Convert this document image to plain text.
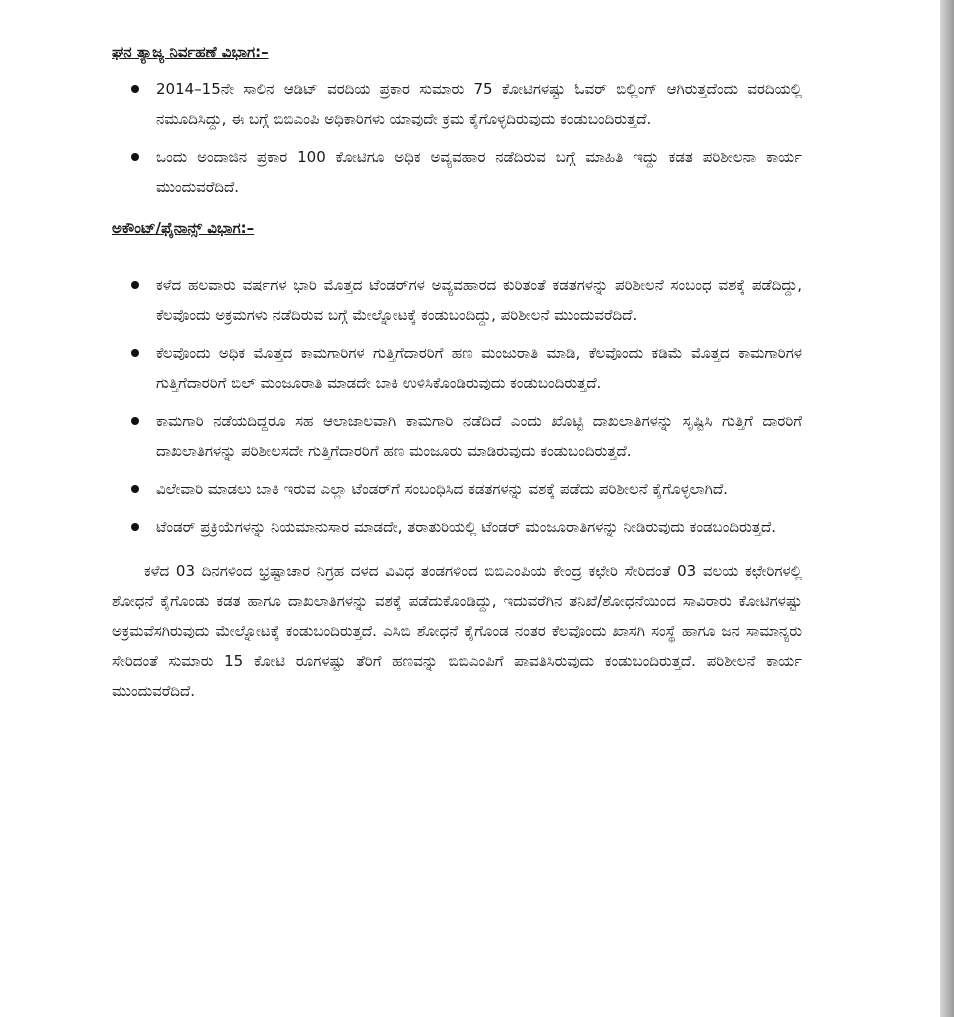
ಘನ ತ್ಯಾಜ್ಯ ನಿರ್ವಹಣೆ ವಿಭಾಗ:–
2014–15ನೇ ಸಾಲಿನ ಆಡಿಟ್ ವರದಿಯ ಪ್ರಕಾರ ಸುಮಾರು 75 ಕೋಟಿಗಳಷ್ಟು ಓವರ್ ಬಿಲ್ಲಿಂಗ್ ಆಗಿರುತ್ತದೆಂದು ವರದಿಯಲ್ಲಿ ನಮೂದಿಸಿದ್ದು, ಈ ಬಗ್ಗೆ ಬಿಬಿಎಂಪಿ ಅಧಿಕಾರಿಗಳು ಯಾವುದೇ ಕ್ರಮ ಕೈಗೊಳ್ಳದಿರುವುದು ಕಂಡುಬಂದಿರುತ್ತದೆ.
ಒಂದು ಅಂದಾಜಿನ ಪ್ರಕಾರ 100 ಕೋಟಿಗೂ ಅಧಿಕ ಅವ್ಯವಹಾರ ನಡೆದಿರುವ ಬಗ್ಗೆ ಮಾಹಿತಿ ಇದ್ದು ಕಡತ ಪರಿಶೀಲನಾ ಕಾರ್ಯ ಮುಂದುವರೆದಿದೆ.
ಅಕೌಂಟ್/ಫೈನಾನ್ಸ್ ವಿಭಾಗ:–
ಕಳೆದ ಹಲವಾರು ವರ್ಷಗಳ ಭಾರಿ ಮೊತ್ತದ ಟೆಂಡರ್‌ಗಳ ಅವ್ಯವಹಾರದ ಕುರಿತಂತೆ ಕಡತಗಳನ್ನು ಪರಿಶೀಲನೆ ಸಂಬಂಧ ವಶಕ್ಕೆ ಪಡೆದಿದ್ದು, ಕೆಲವೊಂದು ಅಕ್ರಮಗಳು ನಡೆದಿರುವ ಬಗ್ಗೆ ಮೇಲ್ನೋಟಕ್ಕೆ ಕಂಡುಬಂದಿದ್ದು, ಪರಿಶೀಲನೆ ಮುಂದುವರೆದಿದೆ.
ಕೆಲವೊಂದು ಅಧಿಕ ಮೊತ್ತದ ಕಾಮಗಾರಿಗಳ ಗುತ್ತಿಗೆದಾರರಿಗೆ ಹಣ ಮಂಜುರಾತಿ ಮಾಡಿ, ಕೆಲವೊಂದು ಕಡಿಮೆ ಮೊತ್ತದ ಕಾಮಗಾರಿಗಳ ಗುತ್ತಿಗೆದಾರರಿಗೆ ಬಿಲ್ ಮಂಜೂರಾತಿ ಮಾಡದೇ ಬಾಕಿ ಉಳಿಸಿಕೊಂಡಿರುವುದು ಕಂಡುಬಂದಿರುತ್ತದೆ.
ಕಾಮಗಾರಿ ನಡೆಯದಿದ್ದರೂ ಸಹ ಆಲಾಜಾಲವಾಗಿ ಕಾಮಗಾರಿ ನಡೆದಿದೆ ಎಂದು ಖೊಟ್ಟಿ ದಾಖಲಾತಿಗಳನ್ನು ಸೃಷ್ಟಿಸಿ ಗುತ್ತಿಗೆ ದಾರರಿಗೆ ದಾಖಲಾತಿಗಳನ್ನು ಪರಿಶೀಲಸದೇ ಗುತ್ತಿಗೆದಾರರಿಗೆ ಹಣ ಮಂಜೂರು ಮಾಡಿರುವುದು ಕಂಡುಬಂದಿರುತ್ತದೆ.
ವಿಲೇವಾರಿ ಮಾಡಲು ಬಾಕಿ ಇರುವ ಎಲ್ಲಾ ಟೆಂಡರ್‌ಗೆ ಸಂಬಂಧಿಸಿದ ಕಡತಗಳನ್ನು ವಶಕ್ಕೆ ಪಡೆದು ಪರಿಶೀಲನೆ ಕೈಗೊಳ್ಳಲಾಗಿದೆ.
ಟೆಂಡರ್ ಪ್ರಕ್ರಿಯೆಗಳನ್ನು ನಿಯಮಾನುಸಾರ ಮಾಡದೇ, ತರಾತುರಿಯಲ್ಲಿ ಟೆಂಡರ್ ಮಂಜೂರಾತಿಗಳನ್ನು ನೀಡಿರುವುದು ಕಂಡಬಂದಿರುತ್ತದೆ.

ಕಳೆದ 03 ದಿನಗಳಿಂದ ಭ್ರಷ್ಟಾಚಾರ ನಿಗ್ರಹ ದಳದ ವಿವಿಧ ತಂಡಗಳಿಂದ ಬಿಬಿಎಂಪಿಯ ಕೇಂದ್ರ ಕಛೇರಿ ಸೇರಿದಂತೆ 03 ವಲಯ ಕಛೇರಿಗಳಲ್ಲಿ ಶೋಧನೆ ಕೈಗೊಂಡು ಕಡತ ಹಾಗೂ ದಾಖಲಾತಿಗಳನ್ನು ವಶಕ್ಕೆ ಪಡೆದುಕೊಂಡಿದ್ದು, ಇದುವರೆಗಿನ ತನಿಖೆ/ಶೋಧನೆಯಿಂದ ಸಾವಿರಾರು ಕೋಟಿಗಳಷ್ಟು ಅಕ್ರಮವೆಸಗಿರುವುದು ಮೇಲ್ನೋಟಕ್ಕೆ ಕಂಡುಬಂದಿರುತ್ತದೆ. ಎಸಿಬಿ ಶೋಧನೆ ಕೈಗೊಂಡ ನಂತರ ಕೆಲವೊಂದು ಖಾಸಗಿ ಸಂಸ್ಥೆ ಹಾಗೂ ಜನ ಸಾಮಾನ್ಯರು ಸೇರಿದಂತೆ ಸುಮಾರು 15 ಕೋಟಿ ರೂಗಳಷ್ಟು ತೆರಿಗೆ ಹಣವನ್ನು ಬಿಬಿಎಂಪಿಗೆ ಪಾವತಿಸಿರುವುದು ಕಂಡುಬಂದಿರುತ್ತದೆ. ಪರಿಶೀಲನೆ ಕಾರ್ಯ ಮುಂದುವರೆದಿದೆ.
